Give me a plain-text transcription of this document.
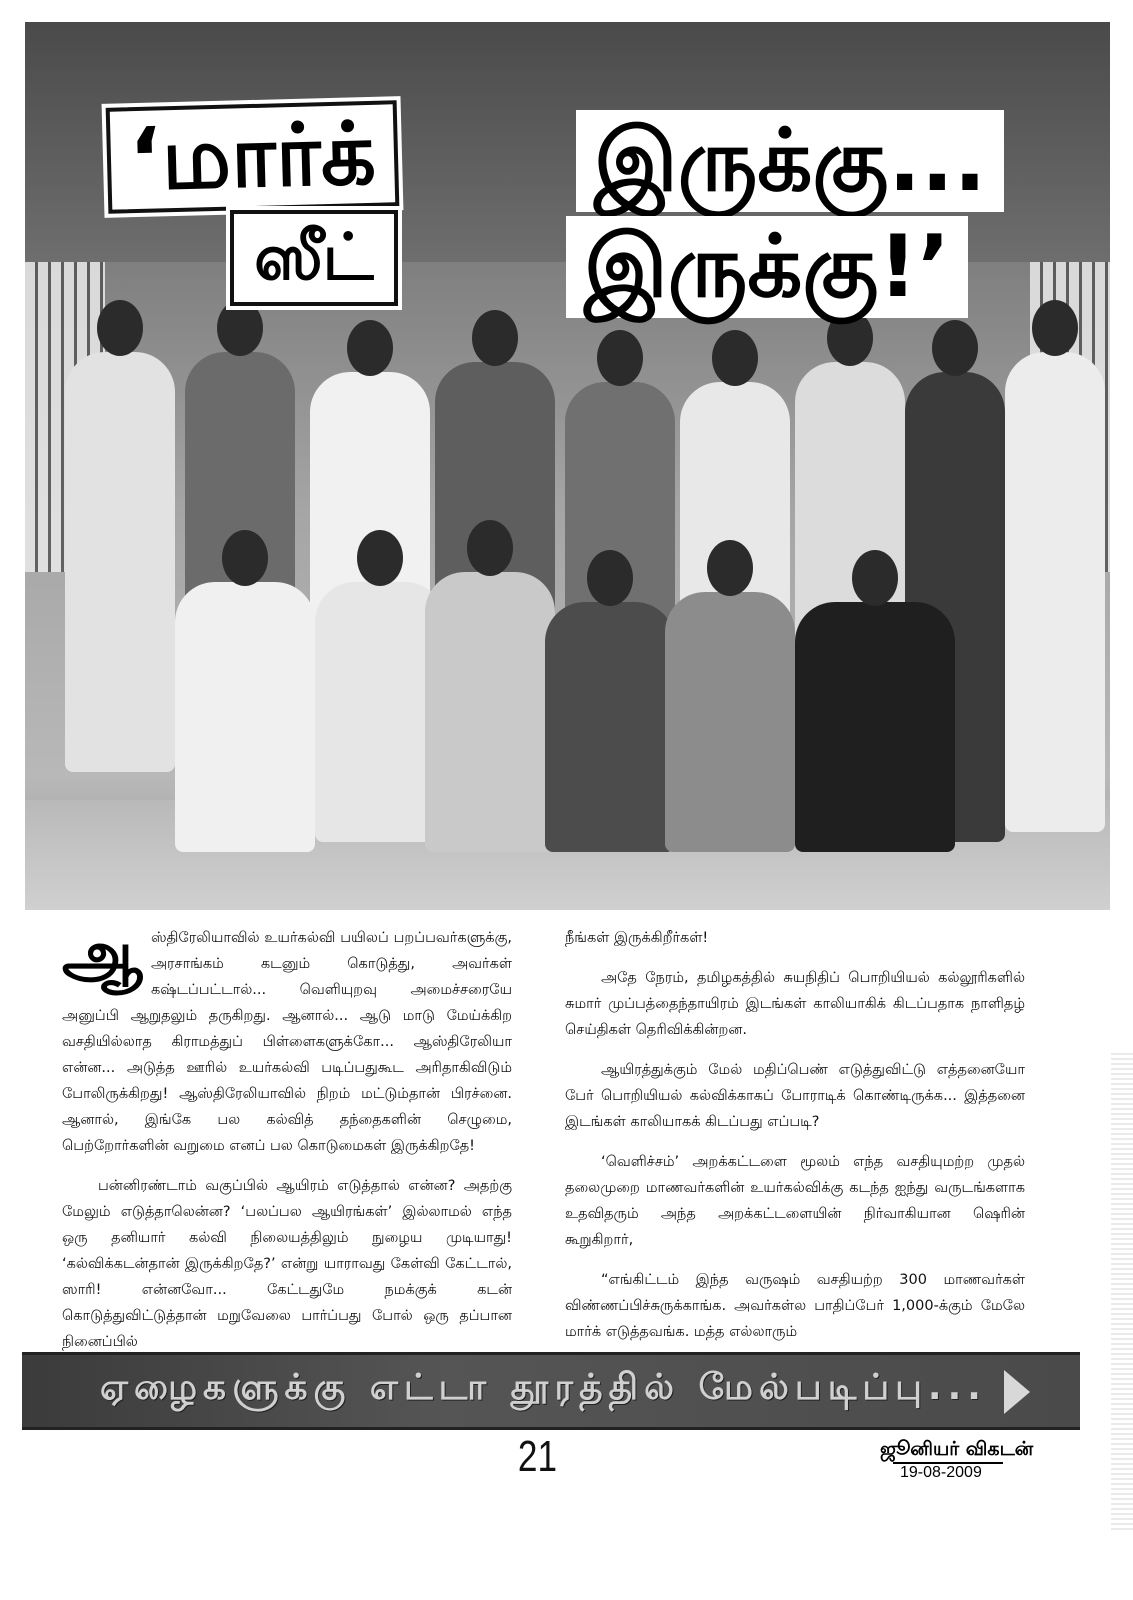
‘மார்க்	இருக்கு...
ஸீட் இருக்கு!’

ஆஸ்திரேலியாவில் உயர்கல்வி பயிலப் பறப்பவர்களுக்கு, அரசாங்கம் கடனும் கொடுத்து, அவர்கள் கஷ்டப்பட்டால்... வெளியுறவு அமைச்சரையே அனுப்பி ஆறுதலும் தருகிறது. ஆனால்... ஆடு மாடு மேய்க்கிற வசதியில்லாத கிராமத்துப் பிள்ளைகளுக்கோ... ஆஸ்திரேலியா என்ன... அடுத்த ஊரில் உயர்கல்வி படிப்பதுகூட அரிதாகிவிடும் போலிருக்கிறது! ஆஸ்திரேலியாவில் நிறம் மட்டும்தான் பிரச்னை. ஆனால், இங்கே பல கல்வித் தந்தைகளின் செழுமை, பெற்றோர்களின் வறுமை எனப் பல கொடுமைகள் இருக்கிறதே!

பன்னிரண்டாம் வகுப்பில் ஆயிரம் எடுத்தால் என்ன? அதற்கு மேலும் எடுத்தாலென்ன? ‘பலப்பல ஆயிரங்கள்’ இல்லாமல் எந்த ஒரு தனியார் கல்வி நிலையத்திலும் நுழைய முடியாது! ‘கல்விக்கடன்தான் இருக்கிறதே?’ என்று யாராவது கேள்வி கேட்டால், ஸாரி! என்னவோ... கேட்டதுமே நமக்குக் கடன் கொடுத்துவிட்டுத்தான் மறுவேலை பார்ப்பது போல் ஒரு தப்பான நினைப்பில்

நீங்கள் இருக்கிறீர்கள்!

அதே நேரம், தமிழகத்தில் சுயநிதிப் பொறியியல் கல்லூரிகளில் சுமார் முப்பத்தைந்தாயிரம் இடங்கள் காலியாகிக் கிடப்பதாக நாளிதழ் செய்திகள் தெரிவிக்கின்றன.

ஆயிரத்துக்கும் மேல் மதிப்பெண் எடுத்துவிட்டு எத்தனையோ பேர் பொறியியல் கல்விக்காகப் போராடிக் கொண்டிருக்க... இத்தனை இடங்கள் காலியாகக் கிடப்பது எப்படி?

‘வெளிச்சம்’ அறக்கட்டளை மூலம் எந்த வசதியுமற்ற முதல் தலைமுறை மாணவர்களின் உயர்கல்விக்கு கடந்த ஐந்து வருடங்களாக உதவிதரும் அந்த அறக்கட்டளையின் நிர்வாகியான ஷெரின் கூறுகிறார்,

“எங்கிட்டம் இந்த வருஷம் வசதியற்ற 300 மாணவர்கள் விண்ணப்பிச்சுருக்காங்க. அவர்கள்ல பாதிப்பேர் 1,000-க்கும் மேலே மார்க் எடுத்தவங்க. மத்த எல்லாரும்

ஏழைகளுக்கு எட்டா தூரத்தில் மேல்படிப்பு...
21	ஜூனியர் விகடன்
19-08-2009
